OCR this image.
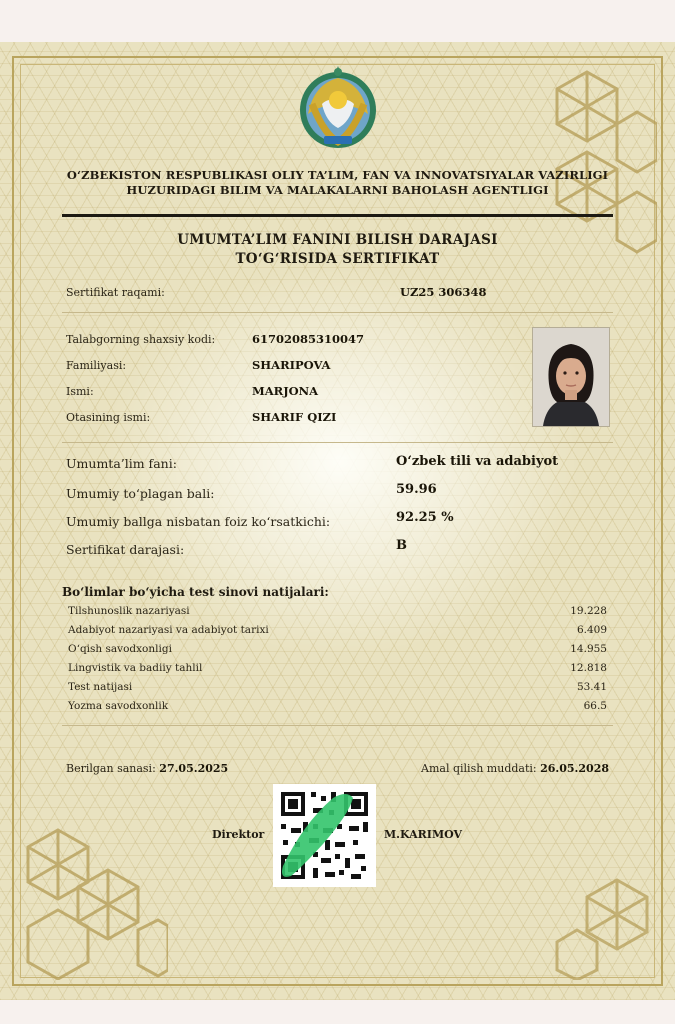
O‘ZBEKISTON RESPUBLIKASI OLIY TA’LIM, FAN VA INNOVATSIYALAR VAZIRLIGI
HUZURIDAGI BILIM VA MALAKALARNI BAHOLASH AGENTLIGI
UMUMTA’LIM FANINI BILISH DARAJASI
TO‘G‘RISIDA SERTIFIKAT
Sertifikat raqami:	UZ25 306348
Talabgorning shaxsiy kodi:	61702085310047
Familiyasi:	SHARIPOVA
Ismi:	MARJONA
Otasining ismi:	SHARIF QIZI
Umumta’lim fani:	O‘zbek tili va adabiyot
Umumiy to‘plagan bali:	59.96
Umumiy ballga nisbatan foiz ko‘rsatkichi:	92.25 %
Sertifikat darajasi:	B
Bo‘limlar bo‘yicha test sinovi natijalari:
Tilshunoslik nazariyasi	19.228
Adabiyot nazariyasi va adabiyot tarixi	6.409
O‘qish savodxonligi	14.955
Lingvistik va badiiy tahlil	12.818
Test natijasi	53.41
Yozma savodxonlik	66.5
Berilgan sanasi: 27.05.2025	Amal qilish muddati: 26.05.2028
Direktor	M.KARIMOV
